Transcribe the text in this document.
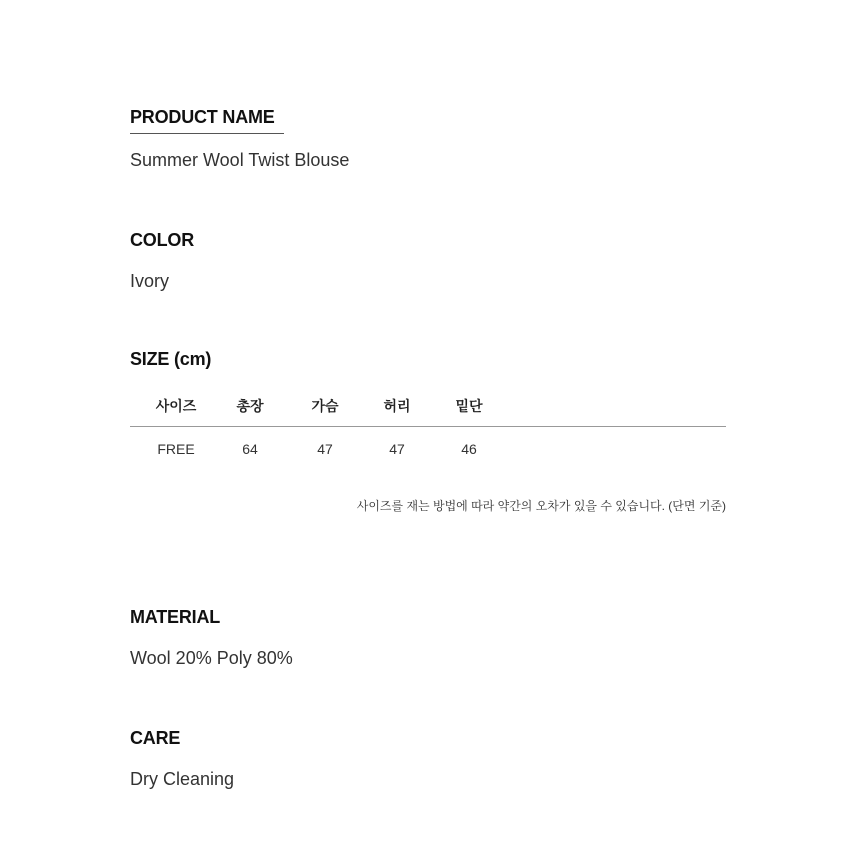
PRODUCT NAME
Summer Wool Twist Blouse
COLOR
Ivory
SIZE (cm)
사이즈	총장	가슴	허리	밑단
FREE	64	47	47	46
사이즈를 재는 방법에 따라 약간의 오차가 있을 수 있습니다. (단면 기준)
MATERIAL
Wool 20% Poly 80%
CARE
Dry Cleaning
